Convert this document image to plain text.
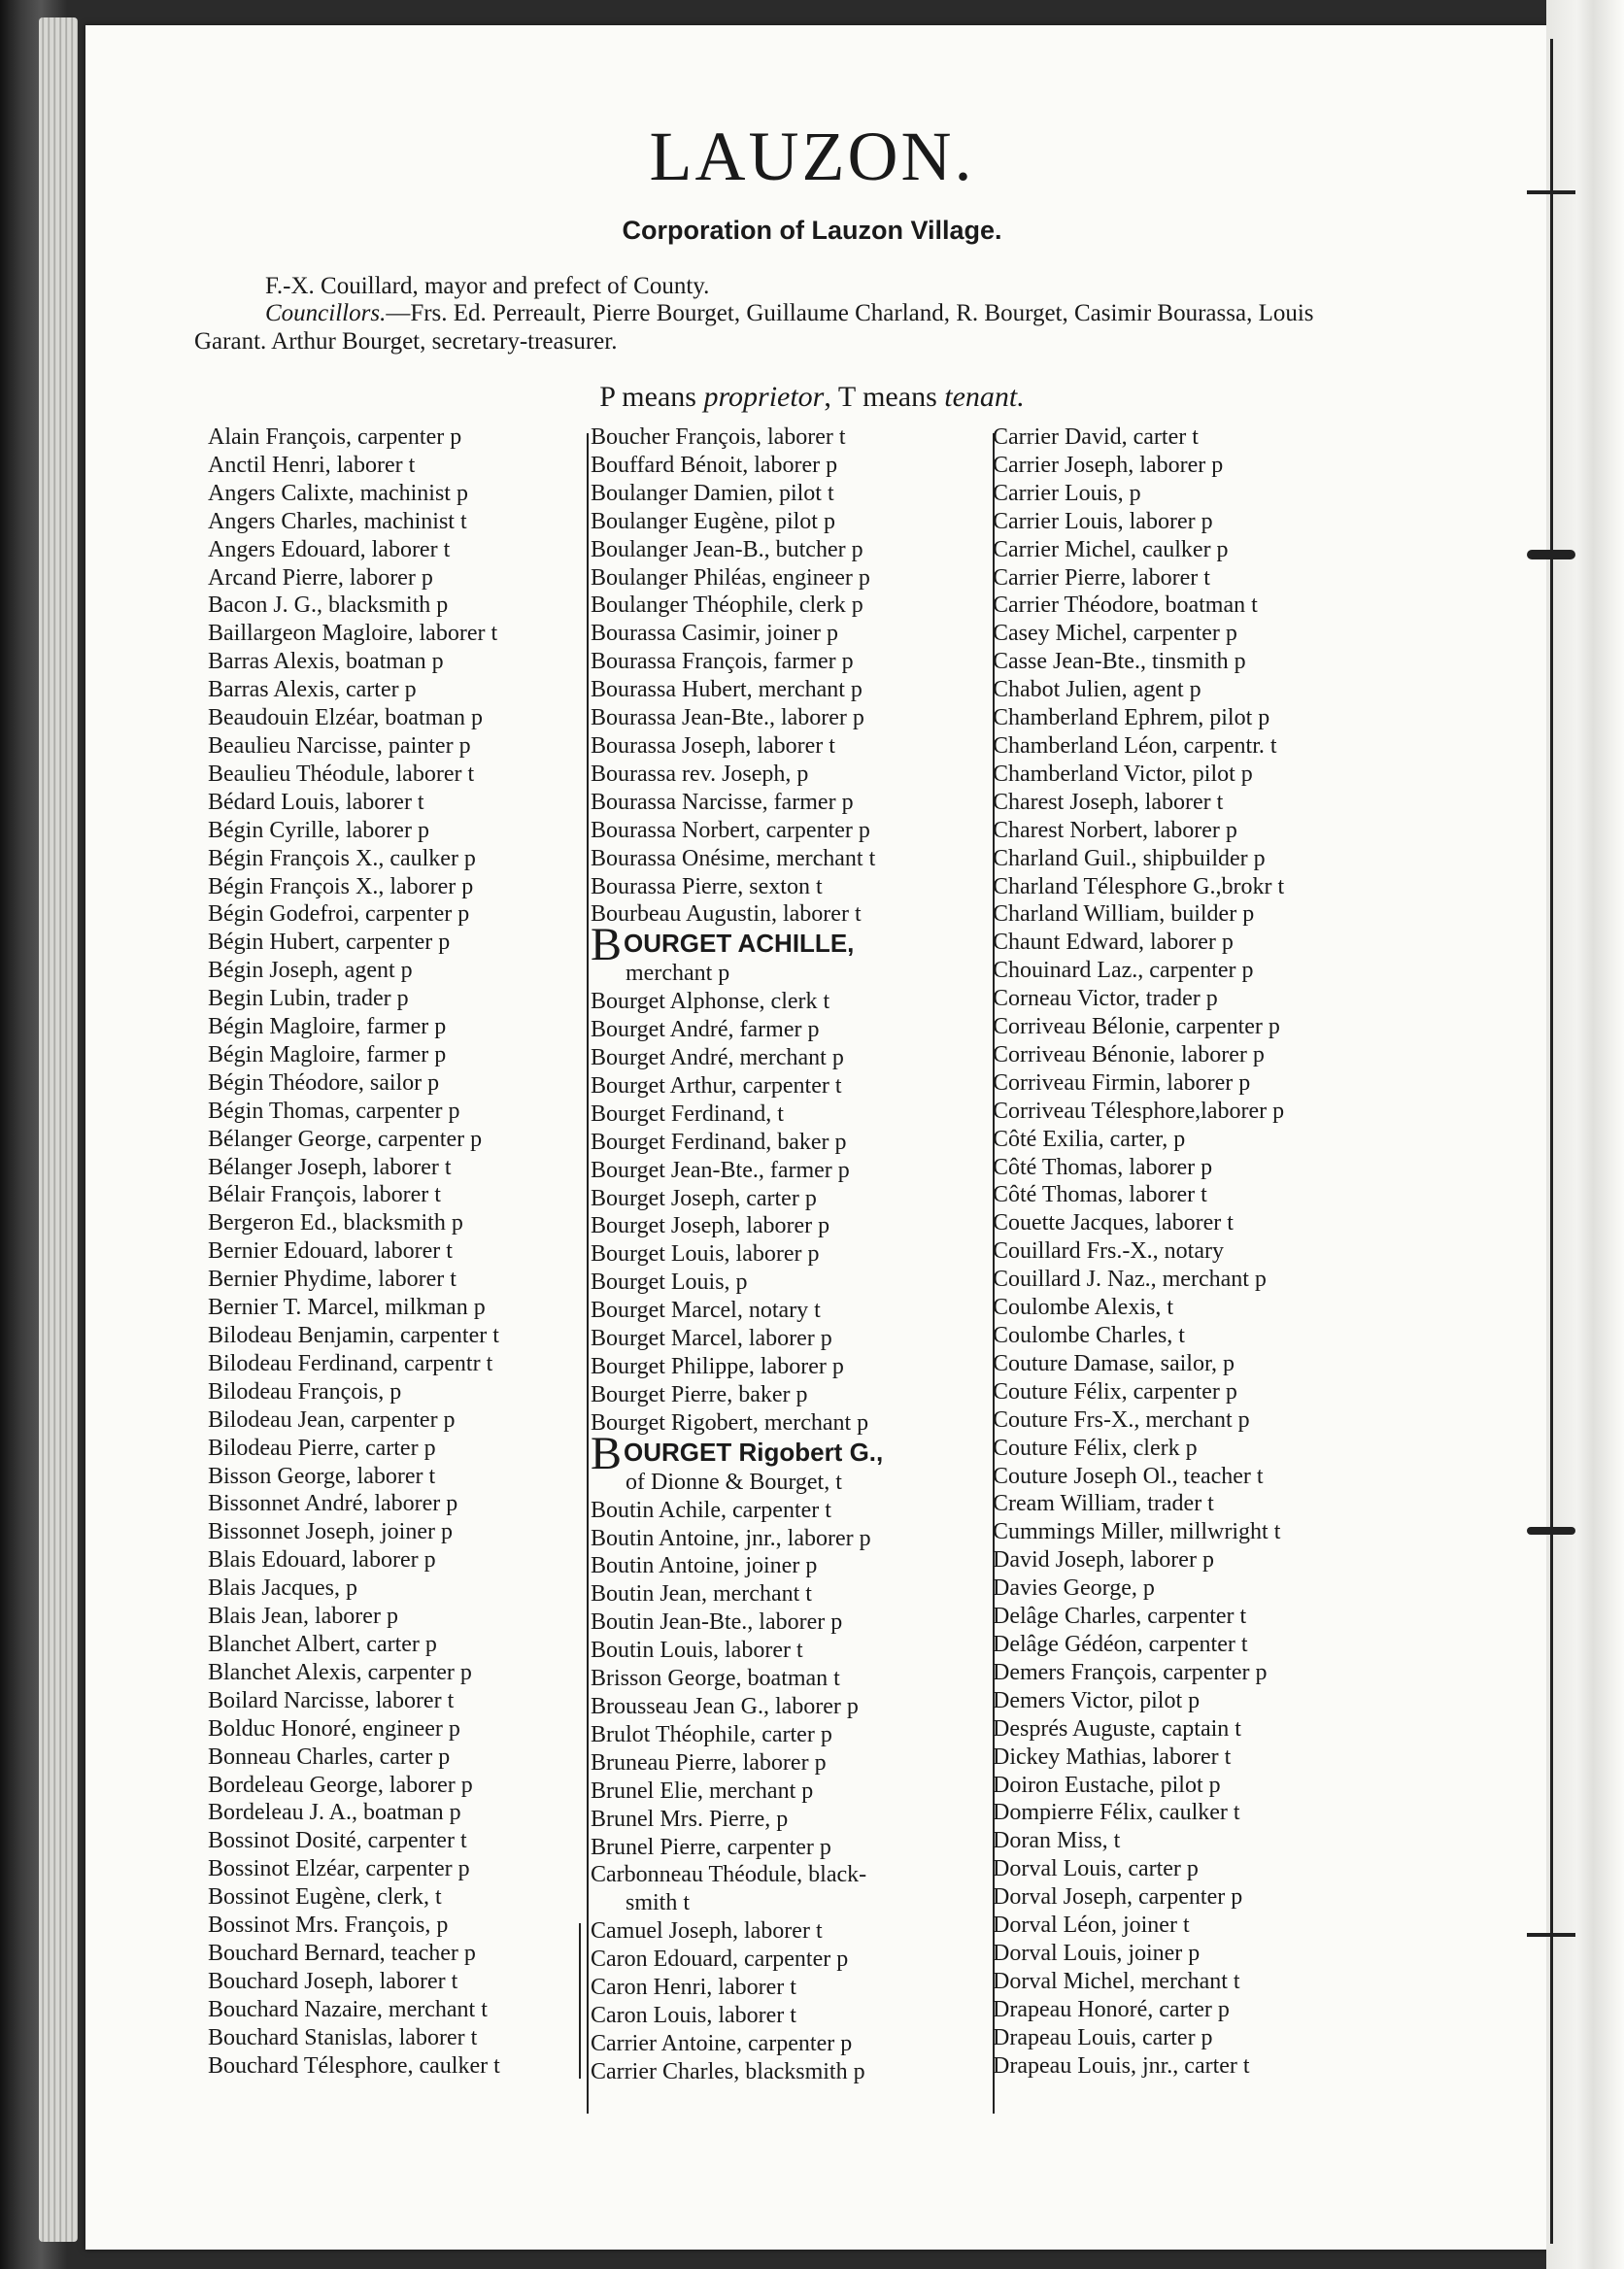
LAUZON.
Corporation of Lauzon Village.
F.-X. Couillard, mayor and prefect of County.
Councillors.—Frs. Ed. Perreault, Pierre Bourget, Guillaume Charland, R. Bourget, Casimir Bourassa, Louis Garant. Arthur Bourget, secretary-treasurer.
P means proprietor, T means tenant.
Alain François, carpenter p
Anctil Henri, laborer t
Angers Calixte, machinist p
Angers Charles, machinist t
Angers Edouard, laborer t
Arcand Pierre, laborer p
Bacon J. G., blacksmith p
Baillargeon Magloire, laborer t
Barras Alexis, boatman p
Barras Alexis, carter p
Beaudouin Elzéar, boatman p
Beaulieu Narcisse, painter p
Beaulieu Théodule, laborer t
Bédard Louis, laborer t
Bégin Cyrille, laborer p
Bégin François X., caulker p
Bégin François X., laborer p
Bégin Godefroi, carpenter p
Bégin Hubert, carpenter p
Bégin Joseph, agent p
Begin Lubin, trader p
Bégin Magloire, farmer p
Bégin Magloire, farmer p
Bégin Théodore, sailor p
Bégin Thomas, carpenter p
Bélanger George, carpenter p
Bélanger Joseph, laborer t
Bélair François, laborer t
Bergeron Ed., blacksmith p
Bernier Edouard, laborer t
Bernier Phydime, laborer t
Bernier T. Marcel, milkman p
Bilodeau Benjamin, carpenter t
Bilodeau Ferdinand, carpentr t
Bilodeau François, p
Bilodeau Jean, carpenter p
Bilodeau Pierre, carter p
Bisson George, laborer t
Bissonnet André, laborer p
Bissonnet Joseph, joiner p
Blais Edouard, laborer p
Blais Jacques, p
Blais Jean, laborer p
Blanchet Albert, carter p
Blanchet Alexis, carpenter p
Boilard Narcisse, laborer t
Bolduc Honoré, engineer p
Bonneau Charles, carter p
Bordeleau George, laborer p
Bordeleau J. A., boatman p
Bossinot Dosité, carpenter t
Bossinot Elzéar, carpenter p
Bossinot Eugène, clerk, t
Bossinot Mrs. François, p
Bouchard Bernard, teacher p
Bouchard Joseph, laborer t
Bouchard Nazaire, merchant t
Bouchard Stanislas, laborer t
Bouchard Télesphore, caulker t
Boucher François, laborer t
Bouffard Bénoit, laborer p
Boulanger Damien, pilot t
Boulanger Eugène, pilot p
Boulanger Jean-B., butcher p
Boulanger Philéas, engineer p
Boulanger Théophile, clerk p
Bourassa Casimir, joiner p
Bourassa François, farmer p
Bourassa Hubert, merchant p
Bourassa Jean-Bte., laborer p
Bourassa Joseph, laborer t
Bourassa rev. Joseph, p
Bourassa Narcisse, farmer p
Bourassa Norbert, carpenter p
Bourassa Onésime, merchant t
Bourassa Pierre, sexton t
Bourbeau Augustin, laborer t
BOURGET ACHILLE,
merchant p
Bourget Alphonse, clerk t
Bourget André, farmer p
Bourget André, merchant p
Bourget Arthur, carpenter t
Bourget Ferdinand, t
Bourget Ferdinand, baker p
Bourget Jean-Bte., farmer p
Bourget Joseph, carter p
Bourget Joseph, laborer p
Bourget Louis, laborer p
Bourget Louis, p
Bourget Marcel, notary t
Bourget Marcel, laborer p
Bourget Philippe, laborer p
Bourget Pierre, baker p
Bourget Rigobert, merchant p
BOURGET Rigobert G.,
of Dionne & Bourget, t
Boutin Achile, carpenter t
Boutin Antoine, jnr., laborer p
Boutin Antoine, joiner p
Boutin Jean, merchant t
Boutin Jean-Bte., laborer p
Boutin Louis, laborer t
Brisson George, boatman t
Brousseau Jean G., laborer p
Brulot Théophile, carter p
Bruneau Pierre, laborer p
Brunel Elie, merchant p
Brunel Mrs. Pierre, p
Brunel Pierre, carpenter p
Carbonneau Théodule, black-
smith t
Camuel Joseph, laborer t
Caron Edouard, carpenter p
Caron Henri, laborer t
Caron Louis, laborer t
Carrier Antoine, carpenter p
Carrier Charles, blacksmith p
Carrier David, carter t
Carrier Joseph, laborer p
Carrier Louis, p
Carrier Louis, laborer p
Carrier Michel, caulker p
Carrier Pierre, laborer t
Carrier Théodore, boatman t
Casey Michel, carpenter p
Casse Jean-Bte., tinsmith p
Chabot Julien, agent p
Chamberland Ephrem, pilot p
Chamberland Léon, carpentr. t
Chamberland Victor, pilot p
Charest Joseph, laborer t
Charest Norbert, laborer p
Charland Guil., shipbuilder p
Charland Télesphore G.,brokr t
Charland William, builder p
Chaunt Edward, laborer p
Chouinard Laz., carpenter p
Corneau Victor, trader p
Corriveau Bélonie, carpenter p
Corriveau Bénonie, laborer p
Corriveau Firmin, laborer p
Corriveau Télesphore,laborer p
Côté Exilia, carter, p
Côté Thomas, laborer p
Côté Thomas, laborer t
Couette Jacques, laborer t
Couillard Frs.-X., notary
Couillard J. Naz., merchant p
Coulombe Alexis, t
Coulombe Charles, t
Couture Damase, sailor, p
Couture Félix, carpenter p
Couture Frs-X., merchant p
Couture Félix, clerk p
Couture Joseph Ol., teacher t
Cream William, trader t
Cummings Miller, millwright t
David Joseph, laborer p
Davies George, p
Delâge Charles, carpenter t
Delâge Gédéon, carpenter t
Demers François, carpenter p
Demers Victor, pilot p
Després Auguste, captain t
Dickey Mathias, laborer t
Doiron Eustache, pilot p
Dompierre Félix, caulker t
Doran Miss, t
Dorval Louis, carter p
Dorval Joseph, carpenter p
Dorval Léon, joiner t
Dorval Louis, joiner p
Dorval Michel, merchant t
Drapeau Honoré, carter p
Drapeau Louis, carter p
Drapeau Louis, jnr., carter t
